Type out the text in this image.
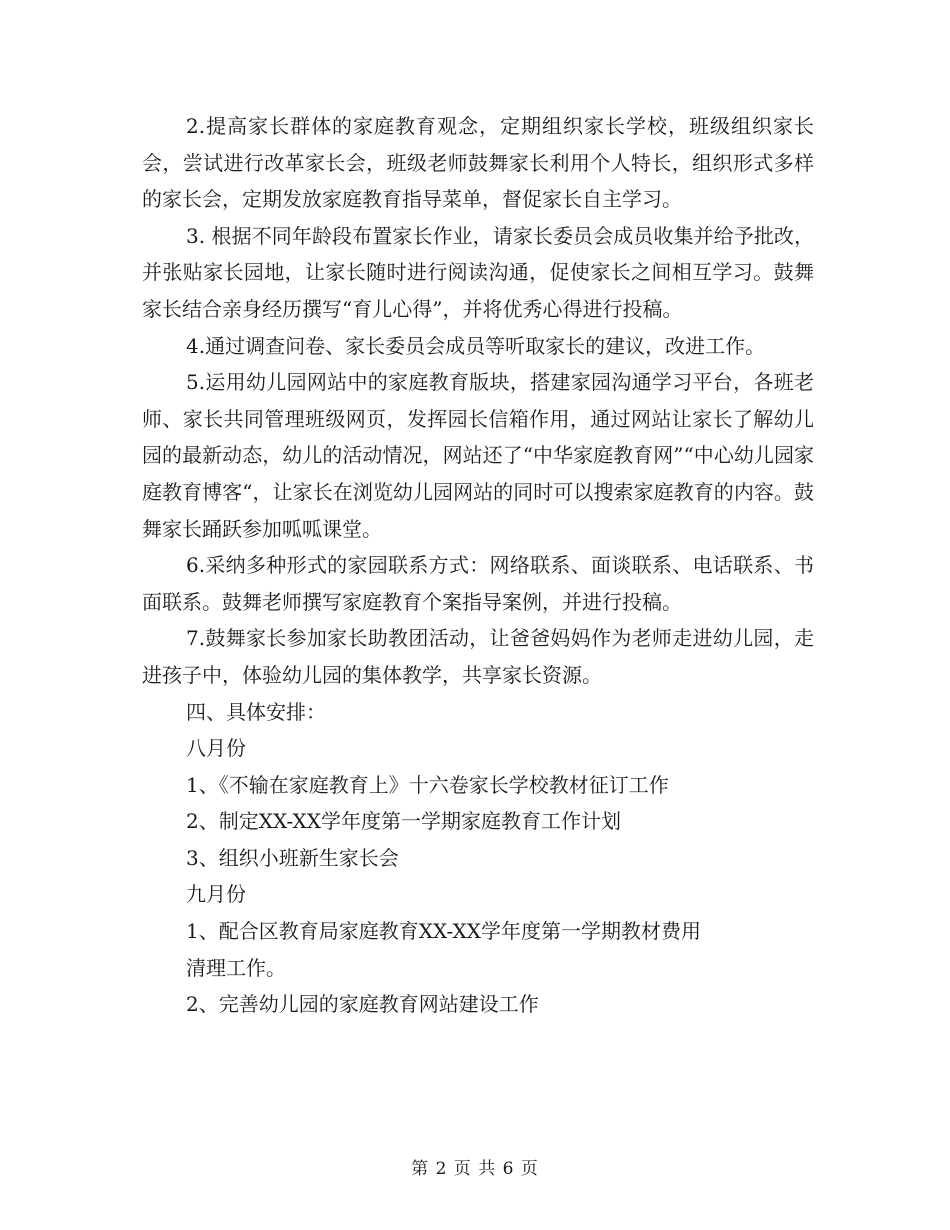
2.提高家长群体的家庭教育观念，定期组织家长学校，班级组织家长会，尝试进行改革家长会，班级老师鼓舞家长利用个人特长，组织形式多样的家长会，定期发放家庭教育指导菜单，督促家长自主学习。

3. 根据不同年龄段布置家长作业，请家长委员会成员收集并给予批改，并张贴家长园地，让家长随时进行阅读沟通，促使家长之间相互学习。鼓舞家长结合亲身经历撰写“育儿心得”，并将优秀心得进行投稿。

4.通过调查问卷、家长委员会成员等听取家长的建议，改进工作。

5.运用幼儿园网站中的家庭教育版块，搭建家园沟通学习平台，各班老师、家长共同管理班级网页，发挥园长信箱作用，通过网站让家长了解幼儿园的最新动态，幼儿的活动情况，网站还了“中华家庭教育网”“中心幼儿园家庭教育博客“，让家长在浏览幼儿园网站的同时可以搜索家庭教育的内容。鼓舞家长踊跃参加呱呱课堂。

6.采纳多种形式的家园联系方式：网络联系、面谈联系、电话联系、书面联系。鼓舞老师撰写家庭教育个案指导案例，并进行投稿。

7.鼓舞家长参加家长助教团活动，让爸爸妈妈作为老师走进幼儿园，走进孩子中，体验幼儿园的集体教学，共享家长资源。

四、具体安排：

八月份

1、《不输在家庭教育上》十六卷家长学校教材征订工作

2、制定XX-XX学年度第一学期家庭教育工作计划

3、组织小班新生家长会

九月份

1、配合区教育局家庭教育XX-XX学年度第一学期教材费用

清理工作。

2、完善幼儿园的家庭教育网站建设工作

第 2 页 共 6 页
